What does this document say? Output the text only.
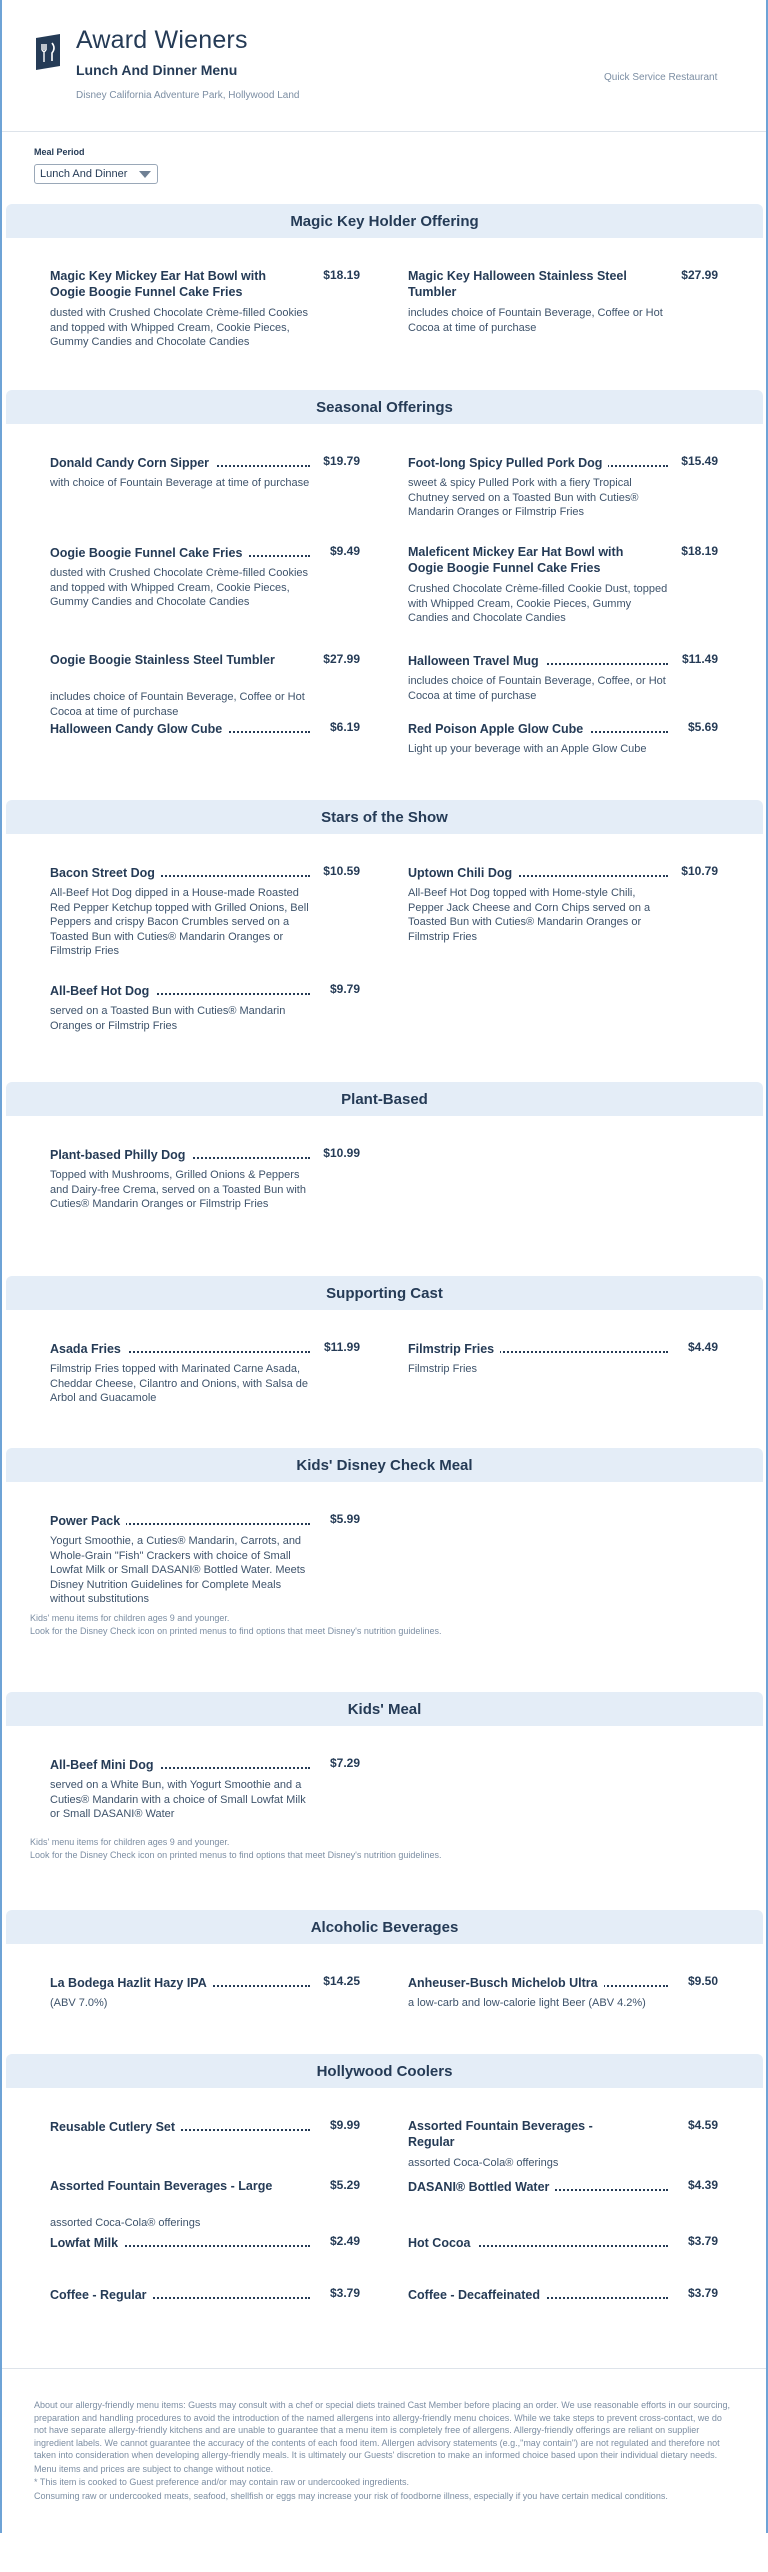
Award Wieners
Lunch And Dinner Menu
Disney California Adventure Park, Hollywood Land
Quick Service Restaurant
Meal Period
Lunch And Dinner
Magic Key Holder Offering
Magic Key Mickey Ear Hat Bowl with Oogie Boogie Funnel Cake Fries
$18.19
dusted with Crushed Chocolate Crème-filled Cookies and topped with Whipped Cream, Cookie Pieces, Gummy Candies and Chocolate Candies
Magic Key Halloween Stainless Steel Tumbler
$27.99
includes choice of Fountain Beverage, Coffee or Hot Cocoa at time of purchase
Seasonal Offerings
Donald Candy Corn Sipper	$19.79
with choice of Fountain Beverage at time of purchase
Foot-long Spicy Pulled Pork Dog	$15.49
sweet & spicy Pulled Pork with a fiery Tropical Chutney served on a Toasted Bun with Cuties® Mandarin Oranges or Filmstrip Fries
Oogie Boogie Funnel Cake Fries	$9.49
dusted with Crushed Chocolate Crème-filled Cookies and topped with Whipped Cream, Cookie Pieces, Gummy Candies and Chocolate Candies
Maleficent Mickey Ear Hat Bowl with Oogie Boogie Funnel Cake Fries
$18.19
Crushed Chocolate Crème-filled Cookie Dust, topped with Whipped Cream, Cookie Pieces, Gummy Candies and Chocolate Candies
Oogie Boogie Stainless Steel Tumbler	$27.99
includes choice of Fountain Beverage, Coffee or Hot Cocoa at time of purchase
Halloween Travel Mug	$11.49
includes choice of Fountain Beverage, Coffee, or Hot Cocoa at time of purchase
Halloween Candy Glow Cube	$6.19	Red Poison Apple Glow Cube	$5.69
Light up your beverage with an Apple Glow Cube
Stars of the Show
Bacon Street Dog	$10.59
All-Beef Hot Dog dipped in a House-made Roasted Red Pepper Ketchup topped with Grilled Onions, Bell Peppers and crispy Bacon Crumbles served on a Toasted Bun with Cuties® Mandarin Oranges or Filmstrip Fries
Uptown Chili Dog	$10.79
All-Beef Hot Dog topped with Home-style Chili, Pepper Jack Cheese and Corn Chips served on a Toasted Bun with Cuties® Mandarin Oranges or Filmstrip Fries
All-Beef Hot Dog	$9.79
served on a Toasted Bun with Cuties® Mandarin Oranges or Filmstrip Fries
Plant-Based
Plant-based Philly Dog	$10.99
Topped with Mushrooms, Grilled Onions & Peppers and Dairy-free Crema, served on a Toasted Bun with Cuties® Mandarin Oranges or Filmstrip Fries
Supporting Cast
Asada Fries	$11.99
Filmstrip Fries topped with Marinated Carne Asada, Cheddar Cheese, Cilantro and Onions, with Salsa de Arbol and Guacamole
Filmstrip Fries	$4.49
Filmstrip Fries
Kids' Disney Check Meal
Power Pack	$5.99
Yogurt Smoothie, a Cuties® Mandarin, Carrots, and Whole-Grain "Fish" Crackers with choice of Small Lowfat Milk or Small DASANI® Bottled Water. Meets Disney Nutrition Guidelines for Complete Meals without substitutions
Kids' menu items for children ages 9 and younger.
Look for the Disney Check icon on printed menus to find options that meet Disney's nutrition guidelines.
Kids' Meal
All-Beef Mini Dog	$7.29
served on a White Bun, with Yogurt Smoothie and a Cuties® Mandarin with a choice of Small Lowfat Milk or Small DASANI® Water
Kids' menu items for children ages 9 and younger.
Look for the Disney Check icon on printed menus to find options that meet Disney's nutrition guidelines.
Alcoholic Beverages
La Bodega Hazlit Hazy IPA	$14.25
(ABV 7.0%)
Anheuser-Busch Michelob Ultra	$9.50
a low-carb and low-calorie light Beer (ABV 4.2%)
Hollywood Coolers
Reusable Cutlery Set	$9.99	Assorted Fountain Beverages - Regular
$4.59
assorted Coca-Cola® offerings
Assorted Fountain Beverages - Large	$5.29
assorted Coca-Cola® offerings
DASANI® Bottled Water	$4.39
Lowfat Milk	$2.49	Hot Cocoa	$3.79
Coffee - Regular	$3.79	Coffee - Decaffeinated	$3.79

About our allergy-friendly menu items: Guests may consult with a chef or special diets trained Cast Member before placing an order. We use reasonable efforts in our sourcing, preparation and handling procedures to avoid the introduction of the named allergens into allergy-friendly menu choices. While we take steps to prevent cross-contact, we do not have separate allergy-friendly kitchens and are unable to guarantee that a menu item is completely free of allergens. Allergy-friendly offerings are reliant on supplier ingredient labels. We cannot guarantee the accuracy of the contents of each food item. Allergen advisory statements (e.g.,"may contain") are not regulated and therefore not taken into consideration when developing allergy-friendly meals. It is ultimately our Guests' discretion to make an informed choice based upon their individual dietary needs.

Menu items and prices are subject to change without notice.

* This item is cooked to Guest preference and/or may contain raw or undercooked ingredients.

Consuming raw or undercooked meats, seafood, shellfish or eggs may increase your risk of foodborne illness, especially if you have certain medical conditions.
